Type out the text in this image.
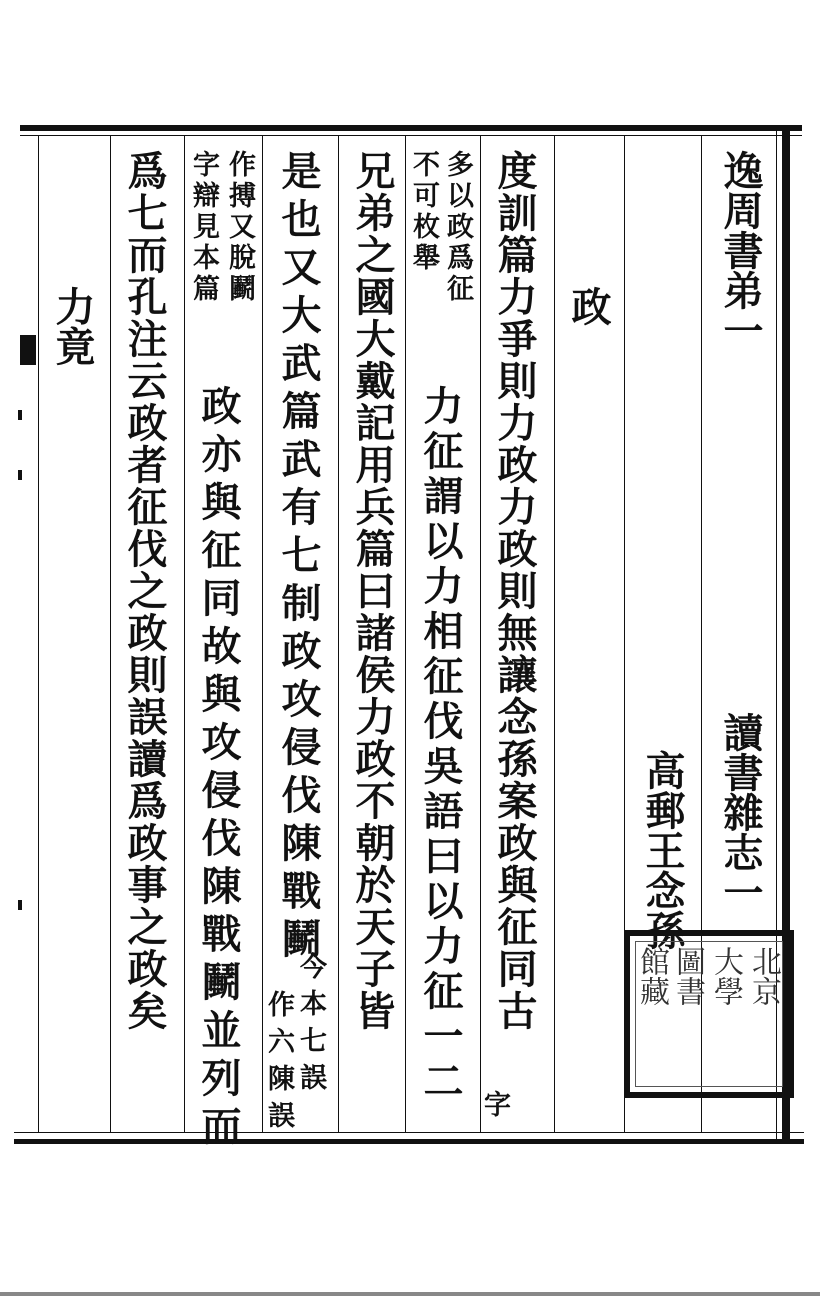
逸周書弟一
讀書雜志一
高郵王念孫
政
度訓篇力爭則力政力政則無讓念孫案政與征同古
字
多以政爲征
不可枚舉
力征謂以力相征伐吳語曰以力征一二
兄弟之國大戴記用兵篇曰諸侯力政不朝於天子皆
是也又大武篇武有七制政攻侵伐陳戰鬭
今本七誤
作六陳誤
作搏又脫鬬
字辯見本篇
政亦與征同故與攻侵伐陳戰鬭並列而
爲七而孔注云政者征伐之政則誤讀爲政事之政矣
力竟
北京
大學
圖書
館藏
